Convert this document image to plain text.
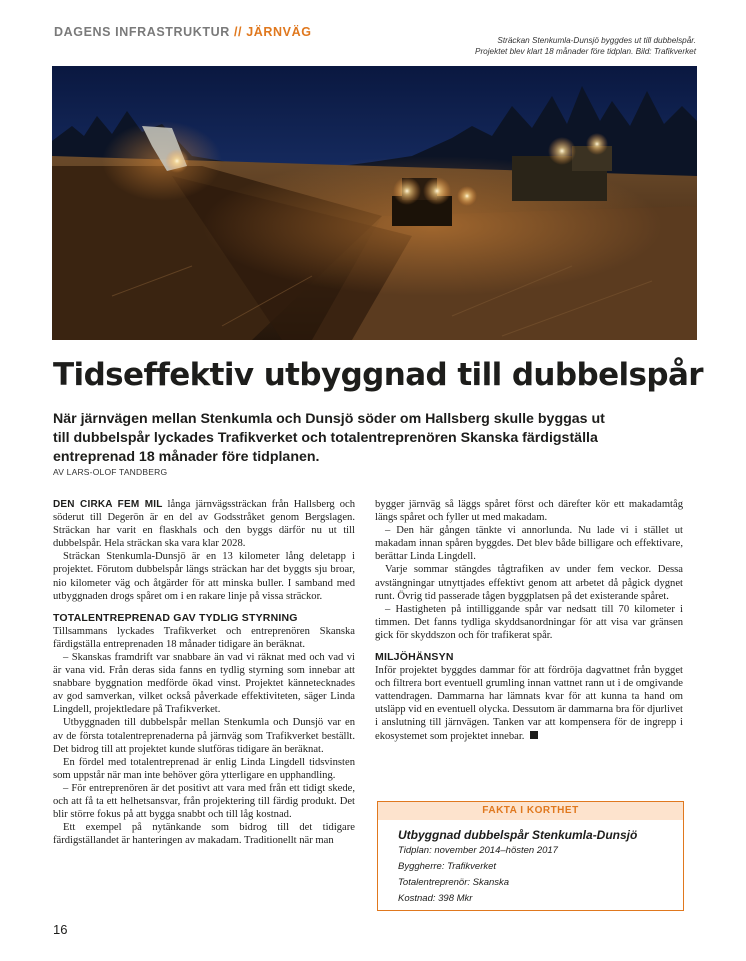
DAGENS INFRASTRUKTUR // JÄRNVÄG
Sträckan Stenkumla-Dunsjö byggdes ut till dubbelspår.
Projektet blev klart 18 månader före tidplan. Bild: Trafikverket
Tidseffektiv utbyggnad till dubbelspår
När järnvägen mellan Stenkumla och Dunsjö söder om Hallsberg skulle byggas ut
till dubbelspår lyckades Trafikverket och totalentreprenören Skanska färdigställa
entreprenad 18 månader före tidplanen.
AV LARS-OLOF TANDBERG

DEN CIRKA FEM MIL långa järnvägssträckan från Hallsberg och söderut till Degerön är en del av Godsstråket genom Bergslagen. Sträckan har varit en flaskhals och den byggs därför nu ut till dubbelspår. Hela sträckan ska vara klar 2028.

Sträckan Stenkumla-Dunsjö är en 13 kilometer lång deletapp i projektet. Förutom dubbelspår längs sträckan har det byggts sju broar, nio kilometer väg och åtgärder för att minska buller. I samband med utbyggnaden drogs spåret om i en rakare linje på vissa sträckor.

TOTALENTREPRENAD GAV TYDLIG STYRNING

Tillsammans lyckades Trafikverket och entreprenören Skanska färdigställa entreprenaden 18 månader tidigare än beräknat.

– Skanskas framdrift var snabbare än vad vi räknat med och vad vi är vana vid. Från deras sida fanns en tydlig styrning som innebar att snabbare byggnation medförde ökad vinst. Projektet kännetecknades av god samverkan, vilket också påverkade effektiviteten, säger Linda Lingdell, projektledare på Trafikverket.

Utbyggnaden till dubbelspår mellan Stenkumla och Dunsjö var en av de första totalentreprenaderna på järnväg som Trafikverket beställt. Det bidrog till att projektet kunde slutföras tidigare än beräknat.

En fördel med totalentreprenad är enlig Linda Lingdell tidsvinsten som uppstår när man inte behöver göra ytterligare en upphandling.

– För entreprenören är det positivt att vara med från ett tidigt skede, och att få ta ett helhetsansvar, från projektering till färdig produkt. Det blir större fokus på att bygga snabbt och till låg kostnad.

Ett exempel på nytänkande som bidrog till det tidigare färdigställandet är hanteringen av makadam. Traditionellt när man

bygger järnväg så läggs spåret först och därefter kör ett makadamtåg längs spåret och fyller ut med makadam.

– Den här gången tänkte vi annorlunda. Nu lade vi i stället ut makadam innan spåren byggdes. Det blev både billigare och effektivare, berättar Linda Lingdell.

Varje sommar stängdes tågtrafiken av under fem veckor. Dessa avstängningar utnyttjades effektivt genom att arbetet då pågick dygnet runt. Övrig tid passerade tågen byggplatsen på det existerande spåret.

– Hastigheten på intilliggande spår var nedsatt till 70 kilometer i timmen. Det fanns tydliga skyddsanordningar för att visa var gränsen gick för skyddszon och för trafikerat spår.

MILJÖHÄNSYN

Inför projektet byggdes dammar för att fördröja dagvattnet från bygget och filtrera bort eventuell grumling innan vattnet rann ut i de omgivande vattendragen. Dammarna har lämnats kvar för att kunna ta hand om utsläpp vid en eventuell olycka. Dessutom är dammarna bra för djurlivet i anslutning till järnvägen. Tanken var att kompensera för de ingrepp i ekosystemet som projektet innebar.

FAKTA I KORTHET
Utbyggnad dubbelspår Stenkumla-Dunsjö
Tidplan: november 2014–hösten 2017
Byggherre: Trafikverket
Totalentreprenör: Skanska
Kostnad: 398 Mkr
16
